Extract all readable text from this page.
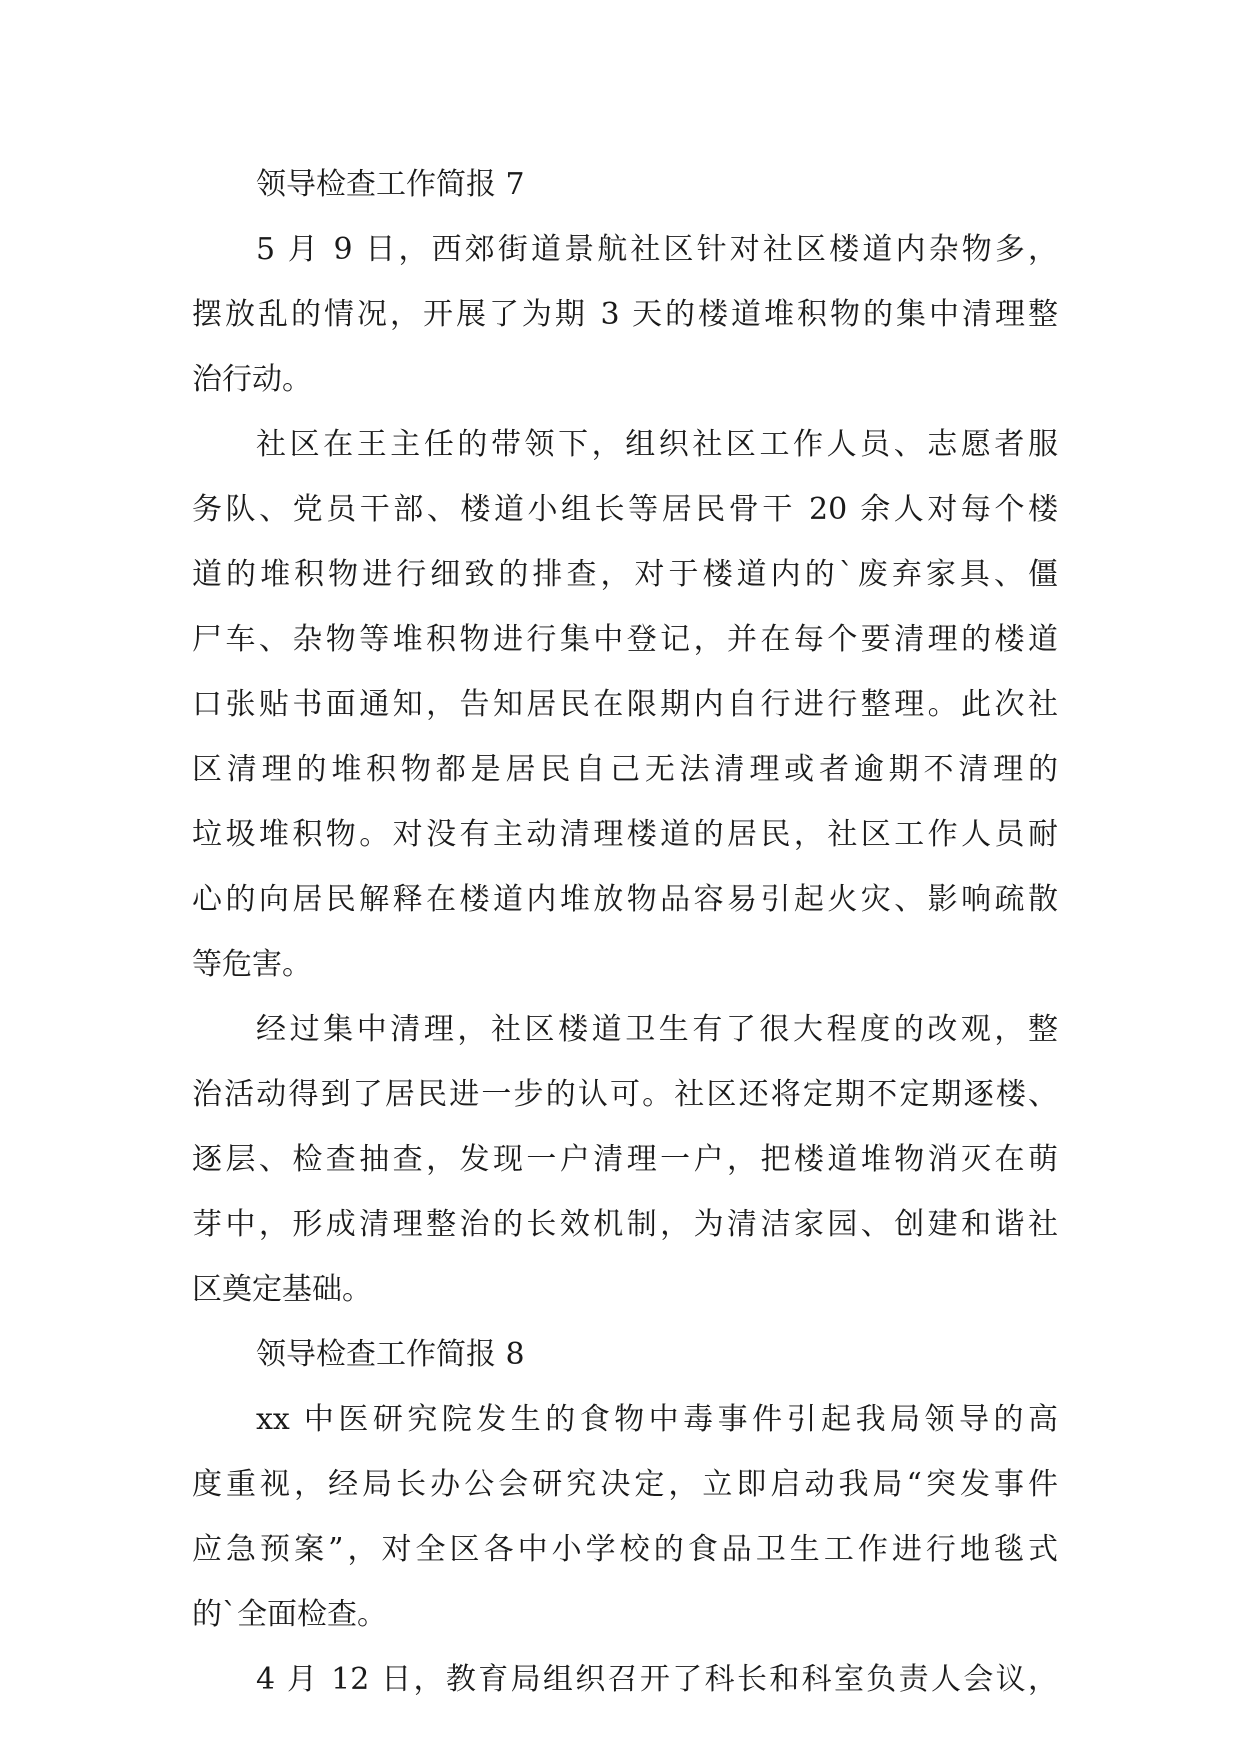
领导检查工作简报 7
5 月 9 日，西郊街道景航社区针对社区楼道内杂物多，
摆放乱的情况，开展了为期 3 天的楼道堆积物的集中清理整
治行动。
社区在王主任的带领下，组织社区工作人员、志愿者服
务队、党员干部、楼道小组长等居民骨干 20 余人对每个楼
道的堆积物进行细致的排查，对于楼道内的`废弃家具、僵
尸车、杂物等堆积物进行集中登记，并在每个要清理的楼道
口张贴书面通知，告知居民在限期内自行进行整理。此次社
区清理的堆积物都是居民自己无法清理或者逾期不清理的
垃圾堆积物。对没有主动清理楼道的居民，社区工作人员耐
心的向居民解释在楼道内堆放物品容易引起火灾、影响疏散
等危害。
经过集中清理，社区楼道卫生有了很大程度的改观，整
治活动得到了居民进一步的认可。社区还将定期不定期逐楼、
逐层、检查抽查，发现一户清理一户，把楼道堆物消灭在萌
芽中，形成清理整治的长效机制，为清洁家园、创建和谐社
区奠定基础。
领导检查工作简报 8
xx 中医研究院发生的食物中毒事件引起我局领导的高
度重视，经局长办公会研究决定，立即启动我局“突发事件
应急预案”，对全区各中小学校的食品卫生工作进行地毯式
的`全面检查。
4 月 12 日，教育局组织召开了科长和科室负责人会议，
